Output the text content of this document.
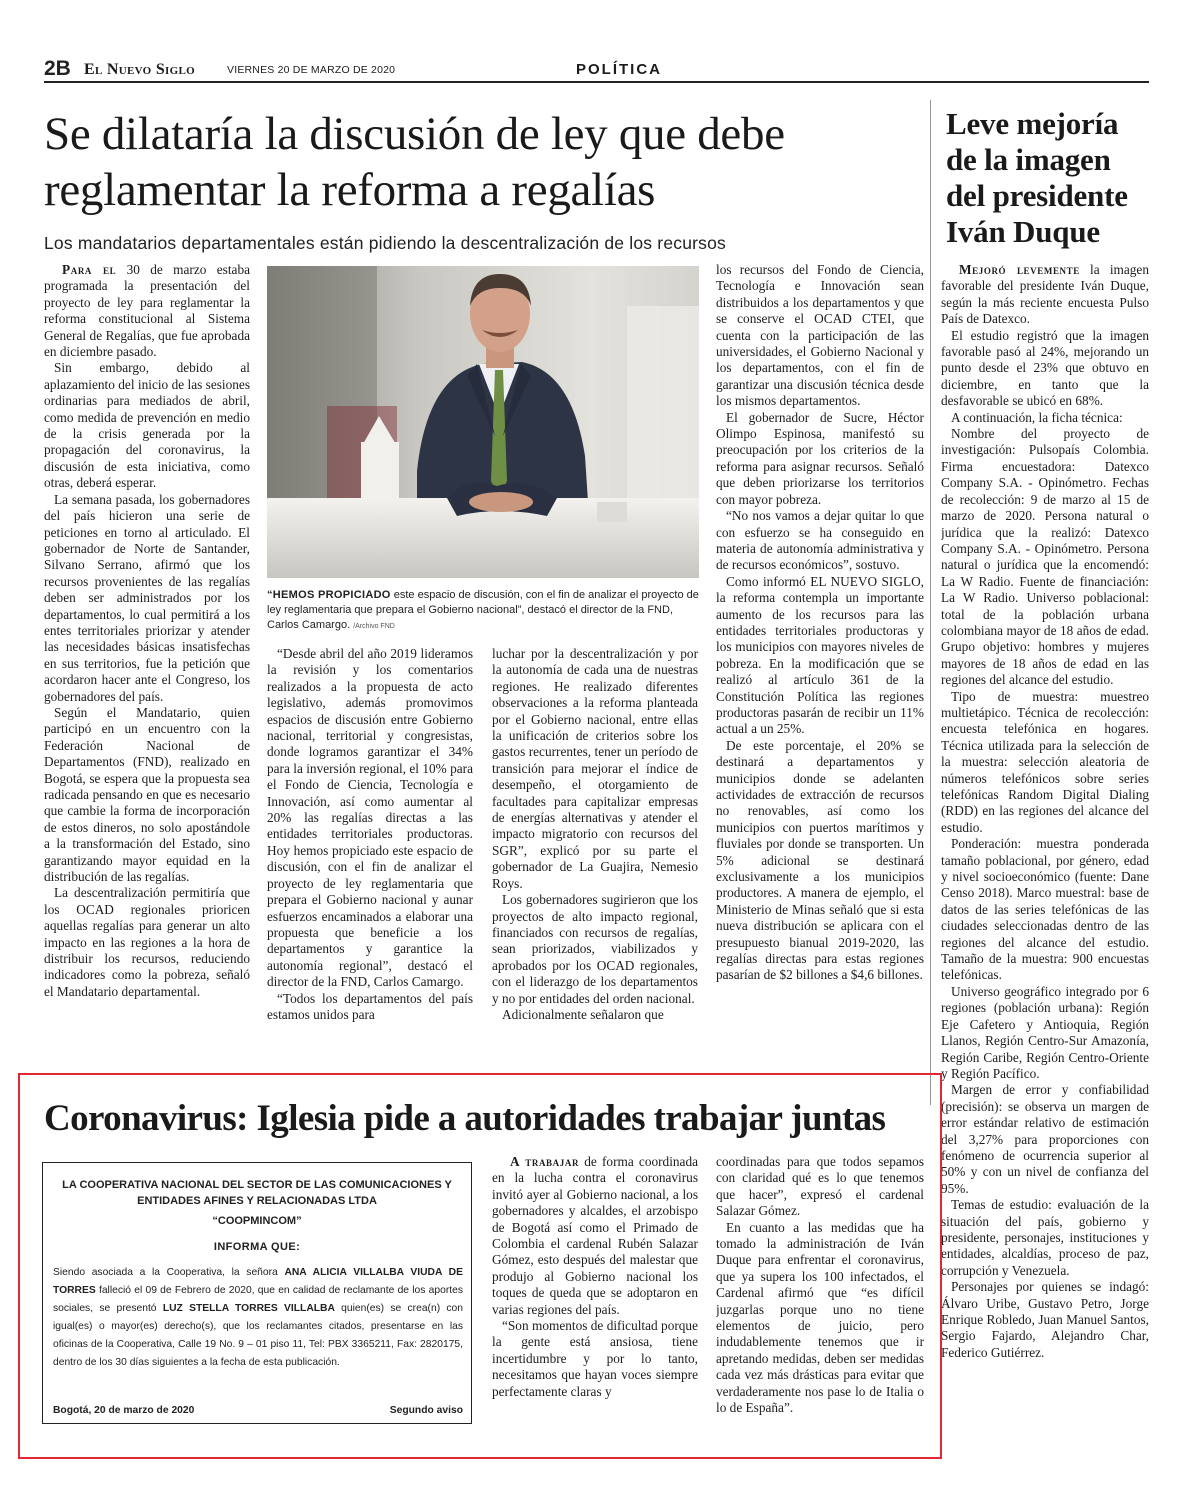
2B El Nuevo Siglo	VIERNES 20 DE MARZO DE 2020	POLÍTICA
Se dilataría la discusión de ley que debe reglamentar la reforma a regalías
Los mandatarios departamentales están pidiendo la descentralización de los recursos

Para el 30 de marzo estaba programada la presentación del proyecto de ley para reglamentar la reforma constitucional al Sistema General de Regalías, que fue aprobada en diciembre pasado.

Sin embargo, debido al aplazamiento del inicio de las sesiones ordinarias para mediados de abril, como medida de prevención en medio de la crisis generada por la propagación del coronavirus, la discusión de esta iniciativa, como otras, deberá esperar.

La semana pasada, los gobernadores del país hicieron una serie de peticiones en torno al articulado. El gobernador de Norte de Santander, Silvano Serrano, afirmó que los recursos provenientes de las regalías deben ser administrados por los departamentos, lo cual permitirá a los entes territoriales priorizar y atender las necesidades básicas insatisfechas en sus territorios, fue la petición que acordaron hacer ante el Congreso, los gobernadores del país.

Según el Mandatario, quien participó en un encuentro con la Federación Nacional de Departamentos (FND), realizado en Bogotá, se espera que la propuesta sea radicada pensando en que es necesario que cambie la forma de incorporación de estos dineros, no solo apostándole a la transformación del Estado, sino garantizando mayor equidad en la distribución de las regalías.

La descentralización permitiría que los OCAD regionales prioricen aquellas regalías para generar un alto impacto en las regiones a la hora de distribuir los recursos, reduciendo indicadores como la pobreza, señaló el Mandatario departamental.

“HEMOS PROPICIADO este espacio de discusión, con el fin de analizar el proyecto de ley reglamentaria que prepara el Gobierno nacional”, destacó el director de la FND, Carlos Camargo. /Archivo FND

“Desde abril del año 2019 lideramos la revisión y los comentarios realizados a la propuesta de acto legislativo, además promovimos espacios de discusión entre Gobierno nacional, territorial y congresistas, donde logramos garantizar el 34% para la inversión regional, el 10% para el Fondo de Ciencia, Tecnología e Innovación, así como aumentar al 20% las regalías directas a las entidades territoriales productoras. Hoy hemos propiciado este espacio de discusión, con el fin de analizar el proyecto de ley reglamentaria que prepara el Gobierno nacional y aunar esfuerzos encaminados a elaborar una propuesta que beneficie a los departamentos y garantice la autonomía regional”, destacó el director de la FND, Carlos Camargo.

“Todos los departamentos del país estamos unidos para

luchar por la descentralización y por la autonomía de cada una de nuestras regiones. He realizado diferentes observaciones a la reforma planteada por el Gobierno nacional, entre ellas la unificación de criterios sobre los gastos recurrentes, tener un período de transición para mejorar el índice de desempeño, el otorgamiento de facultades para capitalizar empresas de energías alternativas y atender el impacto migratorio con recursos del SGR”, explicó por su parte el gobernador de La Guajira, Nemesio Roys.

Los gobernadores sugirieron que los proyectos de alto impacto regional, financiados con recursos de regalías, sean priorizados, viabilizados y aprobados por los OCAD regionales, con el liderazgo de los departamentos y no por entidades del orden nacional.

Adicionalmente señalaron que

los recursos del Fondo de Ciencia, Tecnología e Innovación sean distribuidos a los departamentos y que se conserve el OCAD CTEI, que cuenta con la participación de las universidades, el Gobierno Nacional y los departamentos, con el fin de garantizar una discusión técnica desde los mismos departamentos.

El gobernador de Sucre, Héctor Olimpo Espinosa, manifestó su preocupación por los criterios de la reforma para asignar recursos. Señaló que deben priorizarse los territorios con mayor pobreza.

“No nos vamos a dejar quitar lo que con esfuerzo se ha conseguido en materia de autonomía administrativa y de recursos económicos”, sostuvo.

Como informó EL NUEVO SIGLO, la reforma contempla un importante aumento de los recursos para las entidades territoriales productoras y los municipios con mayores niveles de pobreza. En la modificación que se realizó al artículo 361 de la Constitución Política las regiones productoras pasarán de recibir un 11% actual a un 25%.

De este porcentaje, el 20% se destinará a departamentos y municipios donde se adelanten actividades de extracción de recursos no renovables, así como los municipios con puertos marítimos y fluviales por donde se transporten. Un 5% adicional se destinará exclusivamente a los municipios productores. A manera de ejemplo, el Ministerio de Minas señaló que si esta nueva distribución se aplicara con el presupuesto bianual 2019-2020, las regalías directas para estas regiones pasarían de $2 billones a $4,6 billones.

Leve mejoría de la imagen del presidente Iván Duque

Mejoró levemente la imagen favorable del presidente Iván Duque, según la más reciente encuesta Pulso País de Datexco.

El estudio registró que la imagen favorable pasó al 24%, mejorando un punto desde el 23% que obtuvo en diciembre, en tanto que la desfavorable se ubicó en 68%.

A continuación, la ficha técnica:

Nombre del proyecto de investigación: Pulsopaís Colombia. Firma encuestadora: Datexco Company S.A. - Opinómetro. Fechas de recolección: 9 de marzo al 15 de marzo de 2020. Persona natural o jurídica que la realizó: Datexco Company S.A. - Opinómetro. Persona natural o jurídica que la encomendó: La W Radio. Fuente de financiación: La W Radio. Universo poblacional: total de la población urbana colombiana mayor de 18 años de edad. Grupo objetivo: hombres y mujeres mayores de 18 años de edad en las regiones del alcance del estudio.

Tipo de muestra: muestreo multietápico. Técnica de recolección: encuesta telefónica en hogares. Técnica utilizada para la selección de la muestra: selección aleatoria de números telefónicos sobre series telefónicas Random Digital Dialing (RDD) en las regiones del alcance del estudio.

Ponderación: muestra ponderada tamaño poblacional, por género, edad y nivel socioeconómico (fuente: Dane Censo 2018). Marco muestral: base de datos de las series telefónicas de las ciudades seleccionadas dentro de las regiones del alcance del estudio. Tamaño de la muestra: 900 encuestas telefónicas.

Universo geográfico integrado por 6 regiones (población urbana): Región Eje Cafetero y Antioquia, Región Llanos, Región Centro-Sur Amazonía, Región Caribe, Región Centro-Oriente y Región Pacífico.

Margen de error y confiabilidad (precisión): se observa un margen de error estándar relativo de estimación del 3,27% para proporciones con fenómeno de ocurrencia superior al 50% y con un nivel de confianza del 95%.

Temas de estudio: evaluación de la situación del país, gobierno y presidente, personajes, instituciones y entidades, alcaldías, proceso de paz, corrupción y Venezuela.

Personajes por quienes se indagó: Álvaro Uribe, Gustavo Petro, Jorge Enrique Robledo, Juan Manuel Santos, Sergio Fajardo, Alejandro Char, Federico Gutiérrez.

Coronavirus: Iglesia pide a autoridades trabajar juntas
LA COOPERATIVA NACIONAL DEL SECTOR DE LAS COMUNICACIONES Y ENTIDADES AFINES Y RELACIONADAS LTDA
“COOPMINCOM”
INFORMA QUE:
Siendo asociada a la Cooperativa, la señora ANA ALICIA VILLALBA VIUDA DE TORRES falleció el 09 de Febrero de 2020, que en calidad de reclamante de los aportes sociales, se presentó LUZ STELLA TORRES VILLALBA quien(es) se crea(n) con igual(es) o mayor(es) derecho(s), que los reclamantes citados, presentarse en las oficinas de la Cooperativa, Calle 19 No. 9 – 01 piso 11, Tel: PBX 3365211, Fax: 2820175, dentro de los 30 días siguientes a la fecha de esta publicación.
Bogotá, 20 de marzo de 2020	Segundo aviso

A trabajar de forma coordinada en la lucha contra el coronavirus invitó ayer al Gobierno nacional, a los gobernadores y alcaldes, el arzobispo de Bogotá así como el Primado de Colombia el cardenal Rubén Salazar Gómez, esto después del malestar que produjo al Gobierno nacional los toques de queda que se adoptaron en varias regiones del país.

“Son momentos de dificultad porque la gente está ansiosa, tiene incertidumbre y por lo tanto, necesitamos que hayan voces siempre perfectamente claras y

coordinadas para que todos sepamos con claridad qué es lo que tenemos que hacer”, expresó el cardenal Salazar Gómez.

En cuanto a las medidas que ha tomado la administración de Iván Duque para enfrentar el coronavirus, que ya supera los 100 infectados, el Cardenal afirmó que “es difícil juzgarlas porque uno no tiene elementos de juicio, pero indudablemente tenemos que ir apretando medidas, deben ser medidas cada vez más drásticas para evitar que verdaderamente nos pase lo de Italia o lo de España”.
